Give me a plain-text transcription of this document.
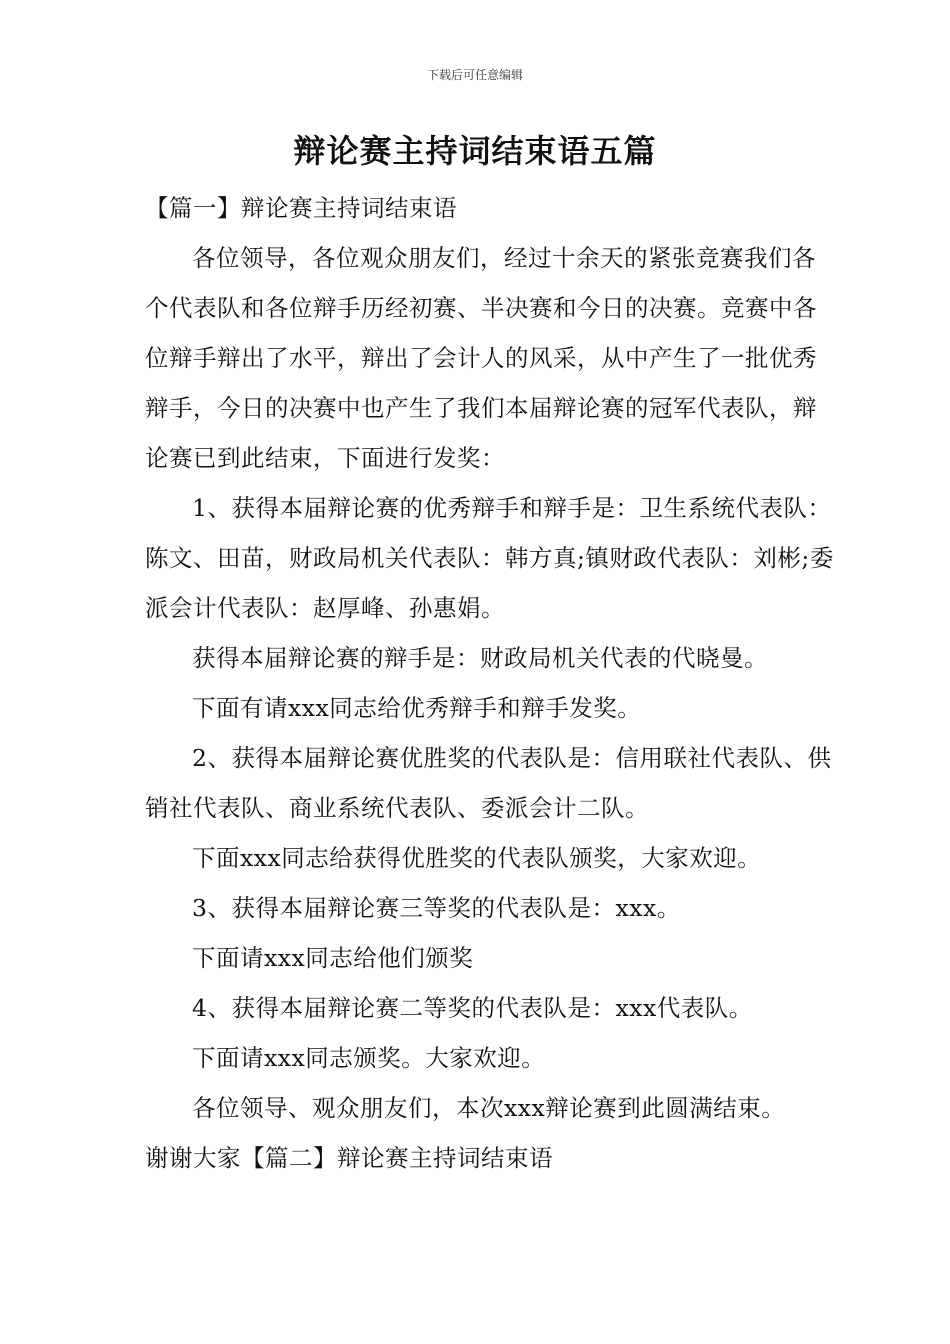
下载后可任意编辑
辩论赛主持词结束语五篇

【篇一】辩论赛主持词结束语

各位领导，各位观众朋友们，经过十余天的紧张竞赛我们各个代表队和各位辩手历经初赛、半决赛和今日的决赛。竞赛中各位辩手辩出了水平，辩出了会计人的风采，从中产生了一批优秀辩手，今日的决赛中也产生了我们本届辩论赛的冠军代表队，辩论赛已到此结束，下面进行发奖：

1、获得本届辩论赛的优秀辩手和辩手是：卫生系统代表队：陈文、田苗，财政局机关代表队：韩方真;镇财政代表队：刘彬;委派会计代表队：赵厚峰、孙惠娟。

获得本届辩论赛的辩手是：财政局机关代表的代晓曼。

下面有请xxx同志给优秀辩手和辩手发奖。

2、获得本届辩论赛优胜奖的代表队是：信用联社代表队、供销社代表队、商业系统代表队、委派会计二队。

下面xxx同志给获得优胜奖的代表队颁奖，大家欢迎。

3、获得本届辩论赛三等奖的代表队是：xxx。

下面请xxx同志给他们颁奖

4、获得本届辩论赛二等奖的代表队是：xxx代表队。

下面请xxx同志颁奖。大家欢迎。

各位领导、观众朋友们，本次xxx辩论赛到此圆满结束。

谢谢大家【篇二】辩论赛主持词结束语
